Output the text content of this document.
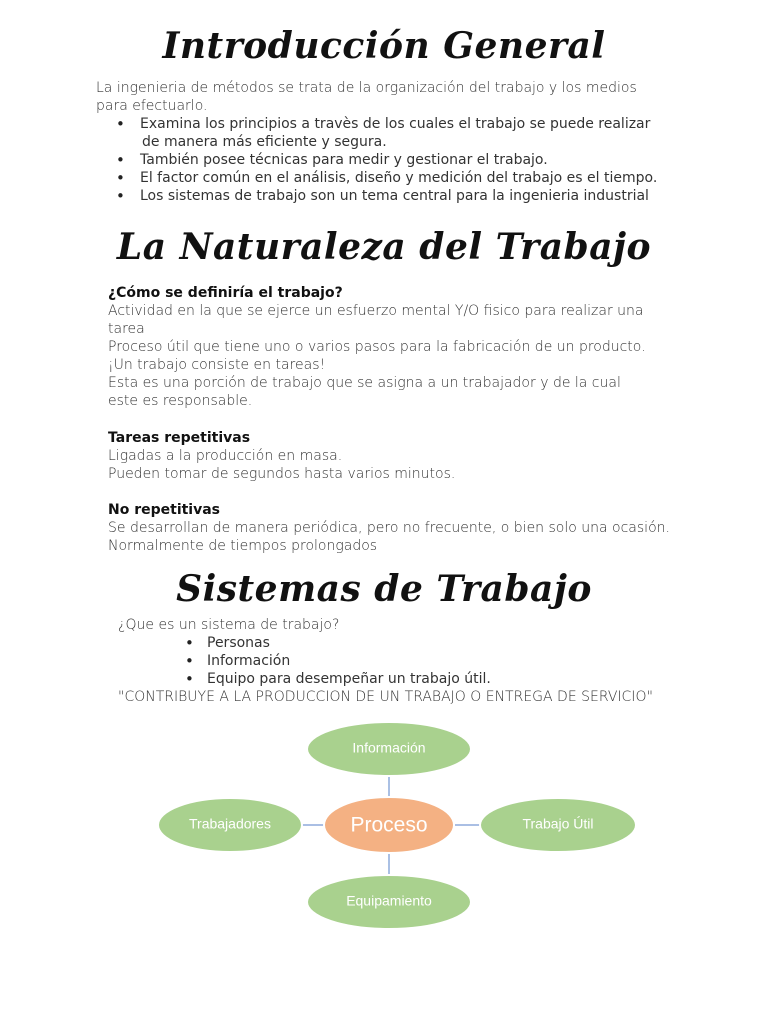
Introducción General
La ingenieria de métodos se trata de la organización del trabajo y los medios
para efectuarlo.
• Examina los principios a travès de los cuales el trabajo se puede realizar
de manera más eficiente y segura.
• También posee técnicas para medir y gestionar el trabajo.
• El factor común en el análisis, diseño y medición del trabajo es el tiempo.
• Los sistemas de trabajo son un tema central para la ingenieria industrial
La Naturaleza del Trabajo
¿Cómo se definiría el trabajo?
Actividad en la que se ejerce un esfuerzo mental Y/O fisico para realizar una
tarea
Proceso útil que tiene uno o varios pasos para la fabricación de un producto.
¡Un trabajo consiste en tareas!
Esta es una porción de trabajo que se asigna a un trabajador y de la cual
este es responsable.
Tareas repetitivas
Ligadas a la producción en masa.
Pueden tomar de segundos hasta varios minutos.
No repetitivas
Se desarrollan de manera periódica, pero no frecuente, o bien solo una ocasión.
Normalmente de tiempos prolongados
Sistemas de Trabajo
¿Que es un sistema de trabajo?
• Personas
• Información
• Equipo para desempeñar un trabajo útil.
"CONTRIBUYE A LA PRODUCCION DE UN TRABAJO O ENTREGA DE SERVICIO"
Información
Trabajadores	Proceso	Trabajo Útil
Equipamiento
